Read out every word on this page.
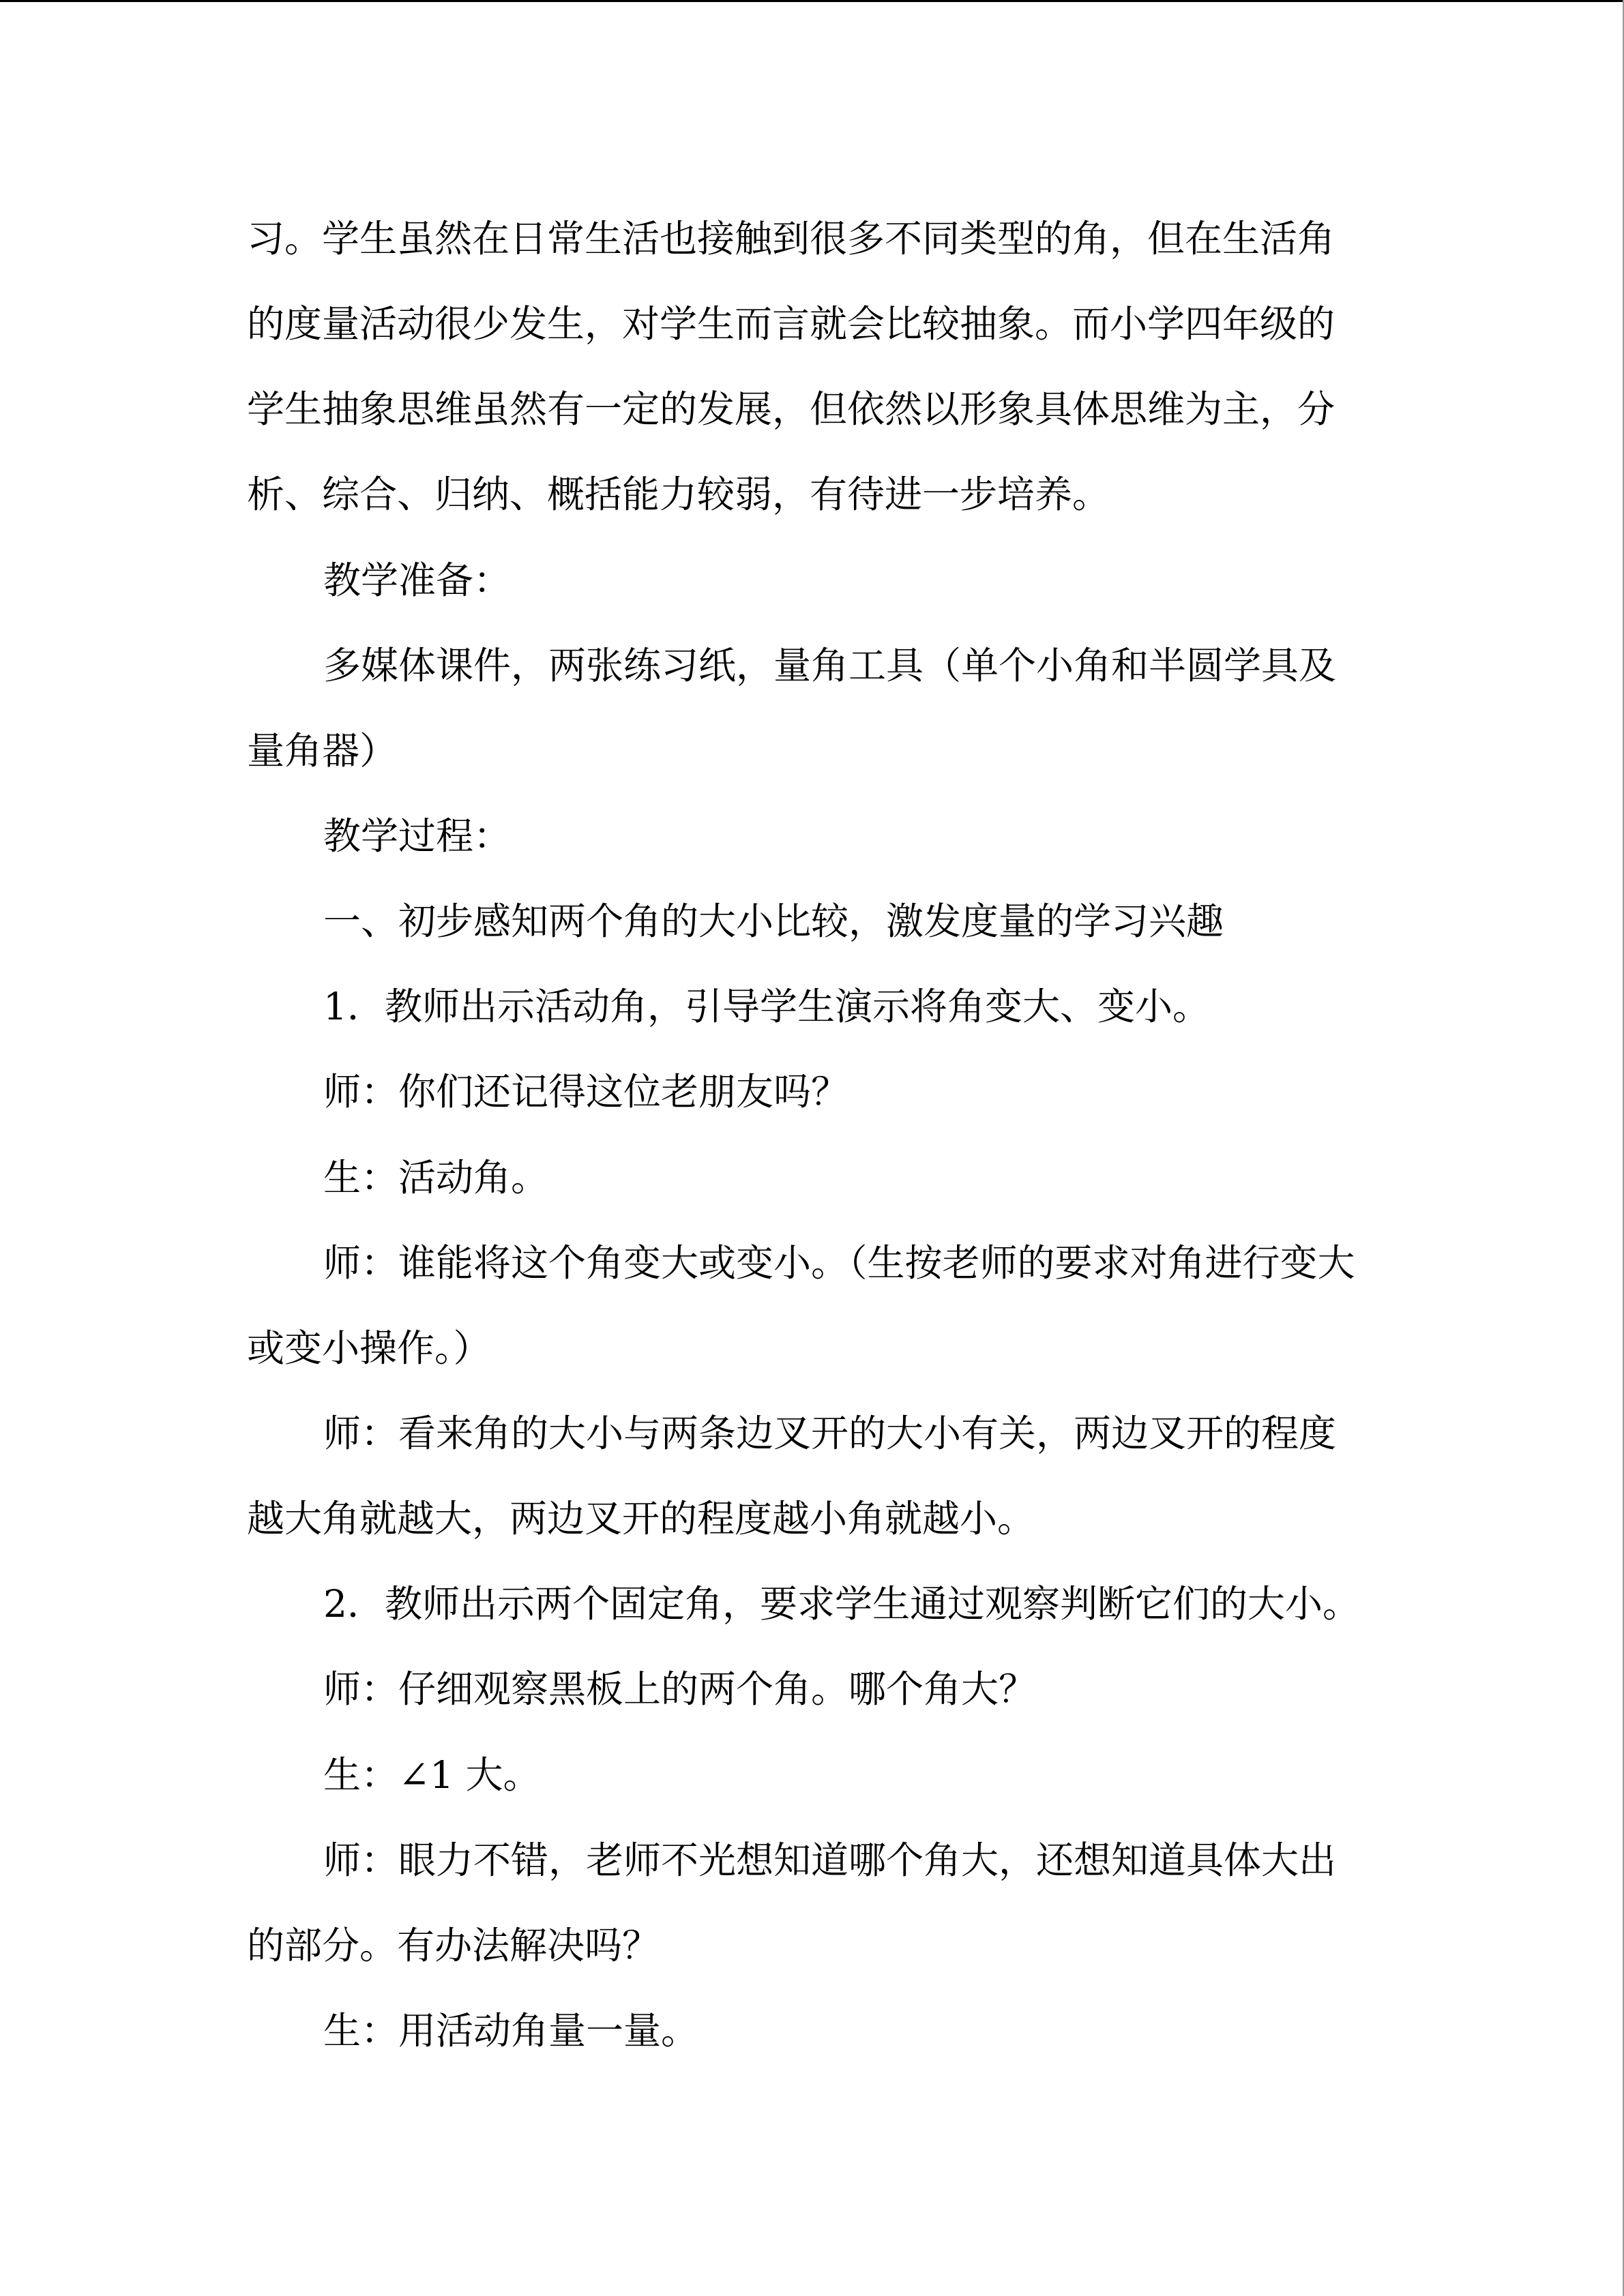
习。学生虽然在日常生活也接触到很多不同类型的角，但在生活角

的度量活动很少发生，对学生而言就会比较抽象。而小学四年级的

学生抽象思维虽然有一定的发展，但依然以形象具体思维为主，分

析、综合、归纳、概括能力较弱，有待进一步培养。

教学准备：

多媒体课件，两张练习纸，量角工具（单个小角和半圆学具及

量角器）

教学过程：

一、初步感知两个角的大小比较，激发度量的学习兴趣

1．教师出示活动角，引导学生演示将角变大、变小。

师：你们还记得这位老朋友吗？

生：活动角。

师：谁能将这个角变大或变小。（生按老师的要求对角进行变大

或变小操作。）

师：看来角的大小与两条边叉开的大小有关，两边叉开的程度

越大角就越大，两边叉开的程度越小角就越小。

2．教师出示两个固定角，要求学生通过观察判断它们的大小。

师：仔细观察黑板上的两个角。哪个角大？

生：∠1 大。

师：眼力不错，老师不光想知道哪个角大，还想知道具体大出

的部分。有办法解决吗？

生：用活动角量一量。
